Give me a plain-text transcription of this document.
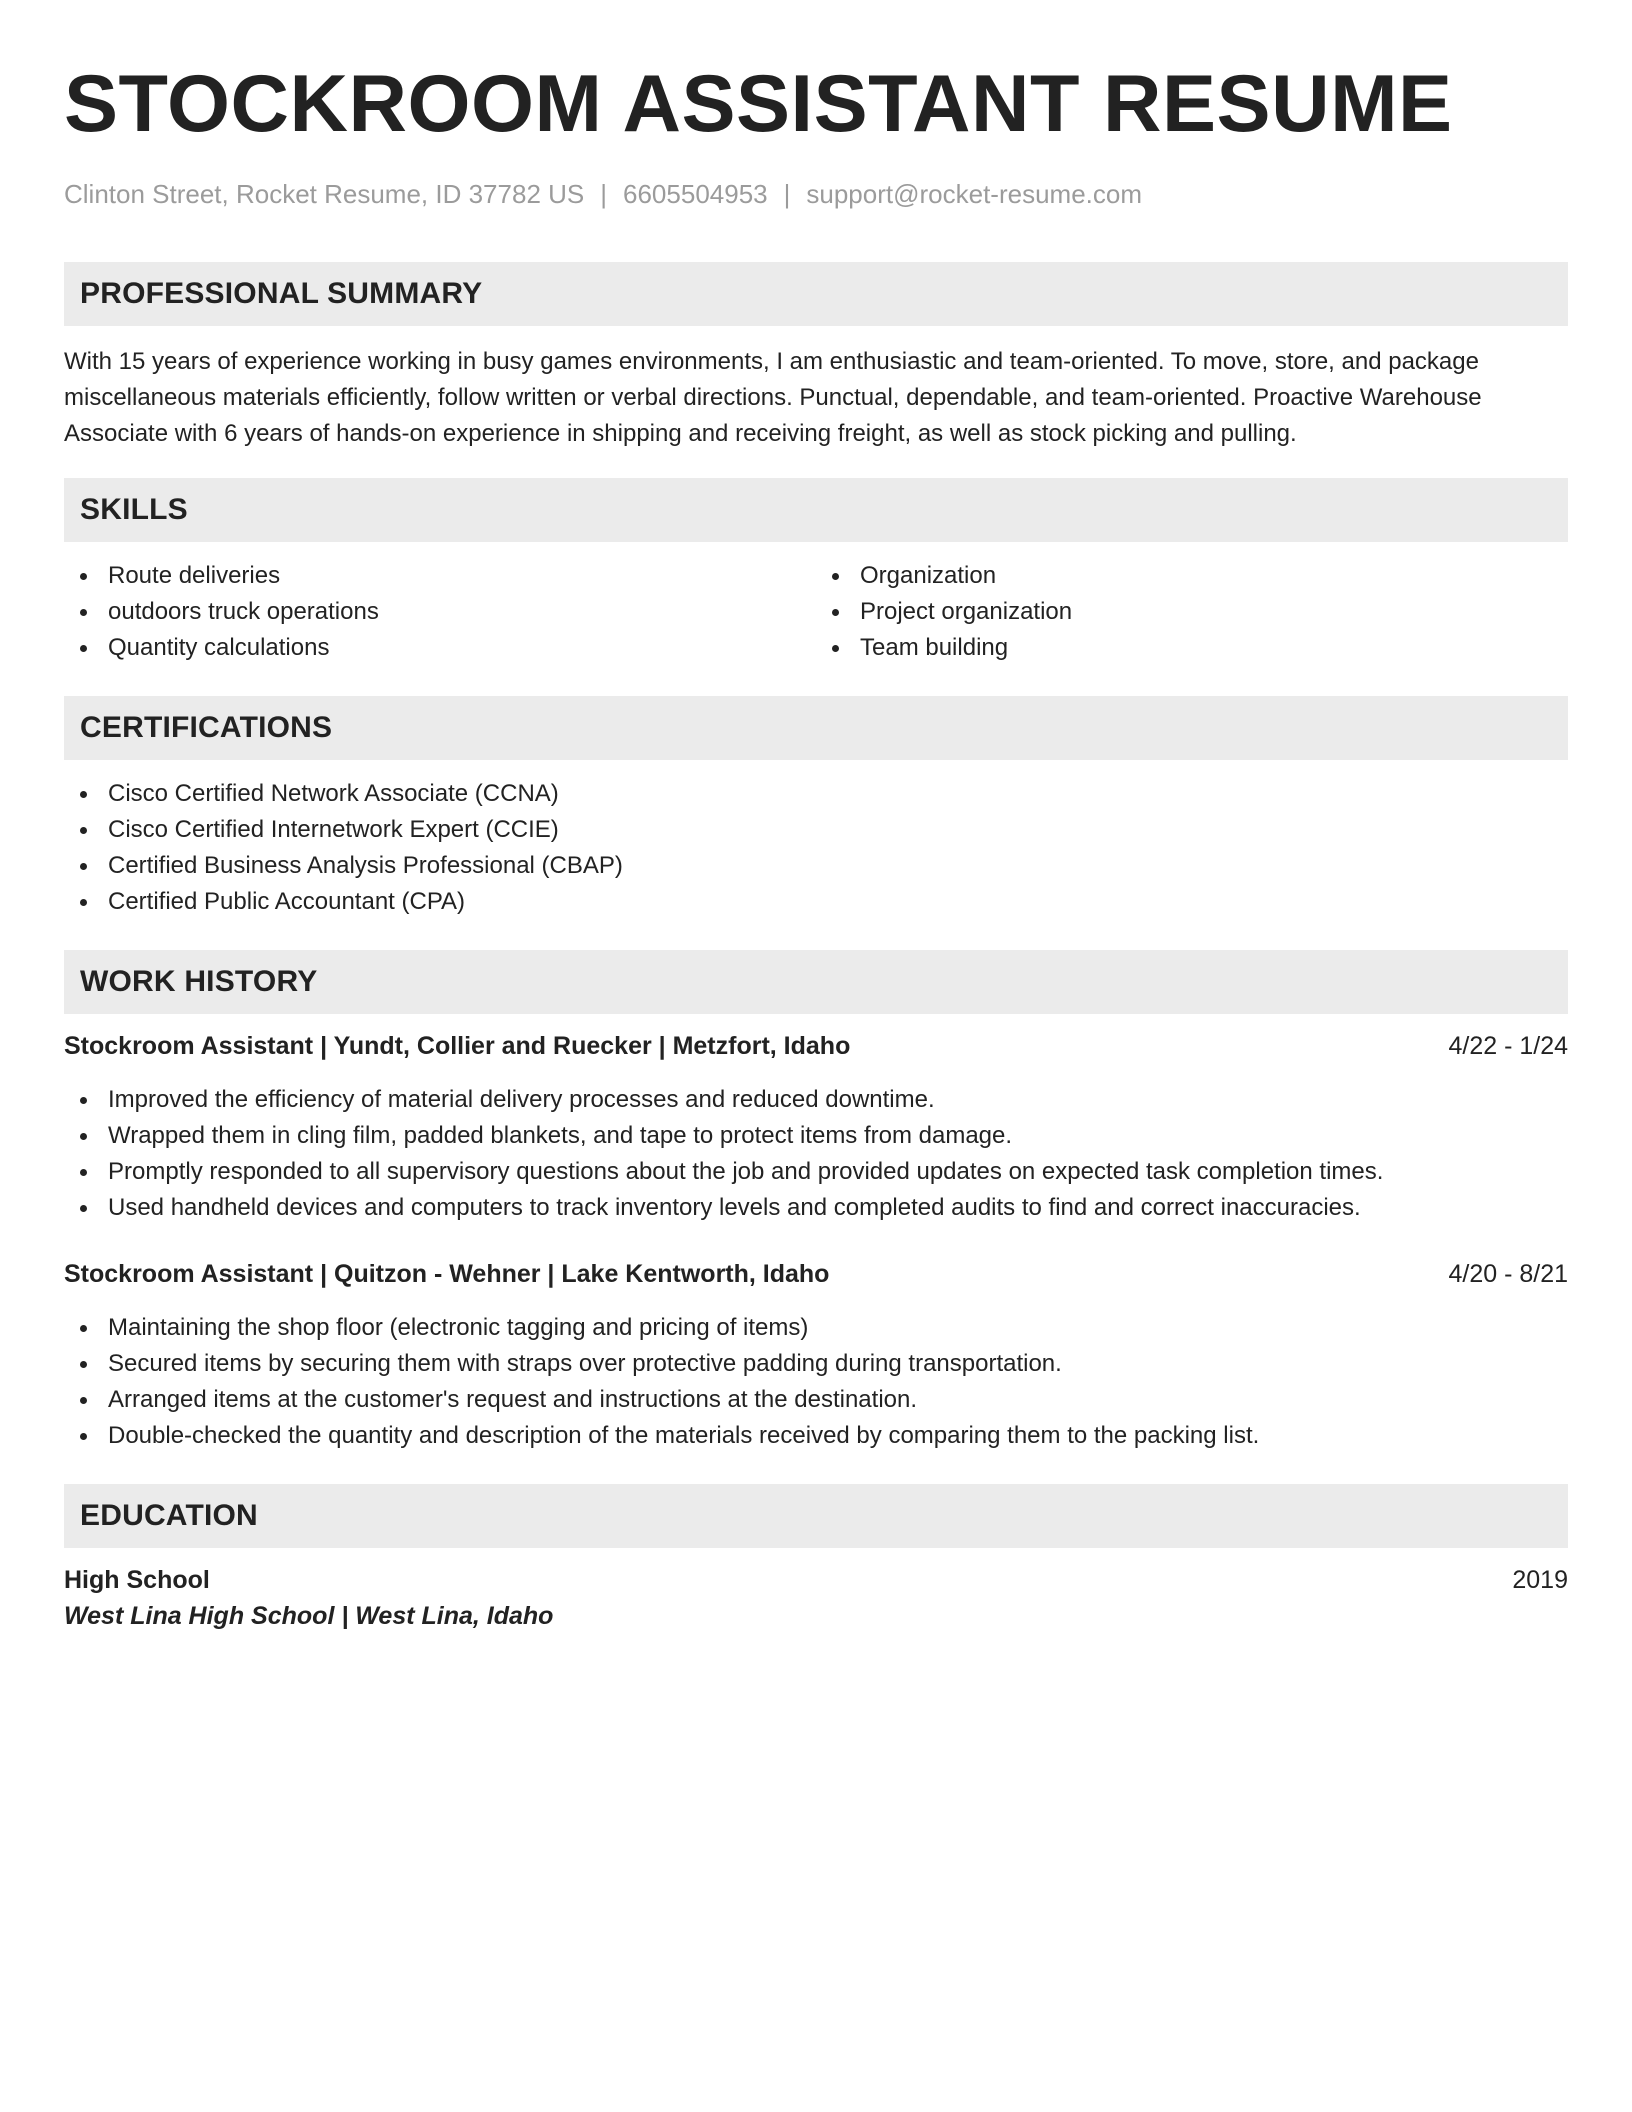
STOCKROOM ASSISTANT RESUME
Clinton Street, Rocket Resume, ID 37782 US | 6605504953 | support@rocket-resume.com
PROFESSIONAL SUMMARY

With 15 years of experience working in busy games environments, I am enthusiastic and team-oriented. To move, store, and package miscellaneous materials efficiently, follow written or verbal directions. Punctual, dependable, and team-oriented. Proactive Warehouse Associate with 6 years of hands-on experience in shipping and receiving freight, as well as stock picking and pulling.

SKILLS
Route deliveries
outdoors truck operations
Quantity calculations
Organization
Project organization
Team building
CERTIFICATIONS
Cisco Certified Network Associate (CCNA)
Cisco Certified Internetwork Expert (CCIE)
Certified Business Analysis Professional (CBAP)
Certified Public Accountant (CPA)
WORK HISTORY
Stockroom Assistant | Yundt, Collier and Ruecker | Metzfort, Idaho	4/22 - 1/24
Improved the efficiency of material delivery processes and reduced downtime.
Wrapped them in cling film, padded blankets, and tape to protect items from damage.
Promptly responded to all supervisory questions about the job and provided updates on expected task completion times.
Used handheld devices and computers to track inventory levels and completed audits to find and correct inaccuracies.
Stockroom Assistant | Quitzon - Wehner | Lake Kentworth, Idaho	4/20 - 8/21
Maintaining the shop floor (electronic tagging and pricing of items)
Secured items by securing them with straps over protective padding during transportation.
Arranged items at the customer's request and instructions at the destination.
Double-checked the quantity and description of the materials received by comparing them to the packing list.
EDUCATION
High School	2019
West Lina High School | West Lina, Idaho
